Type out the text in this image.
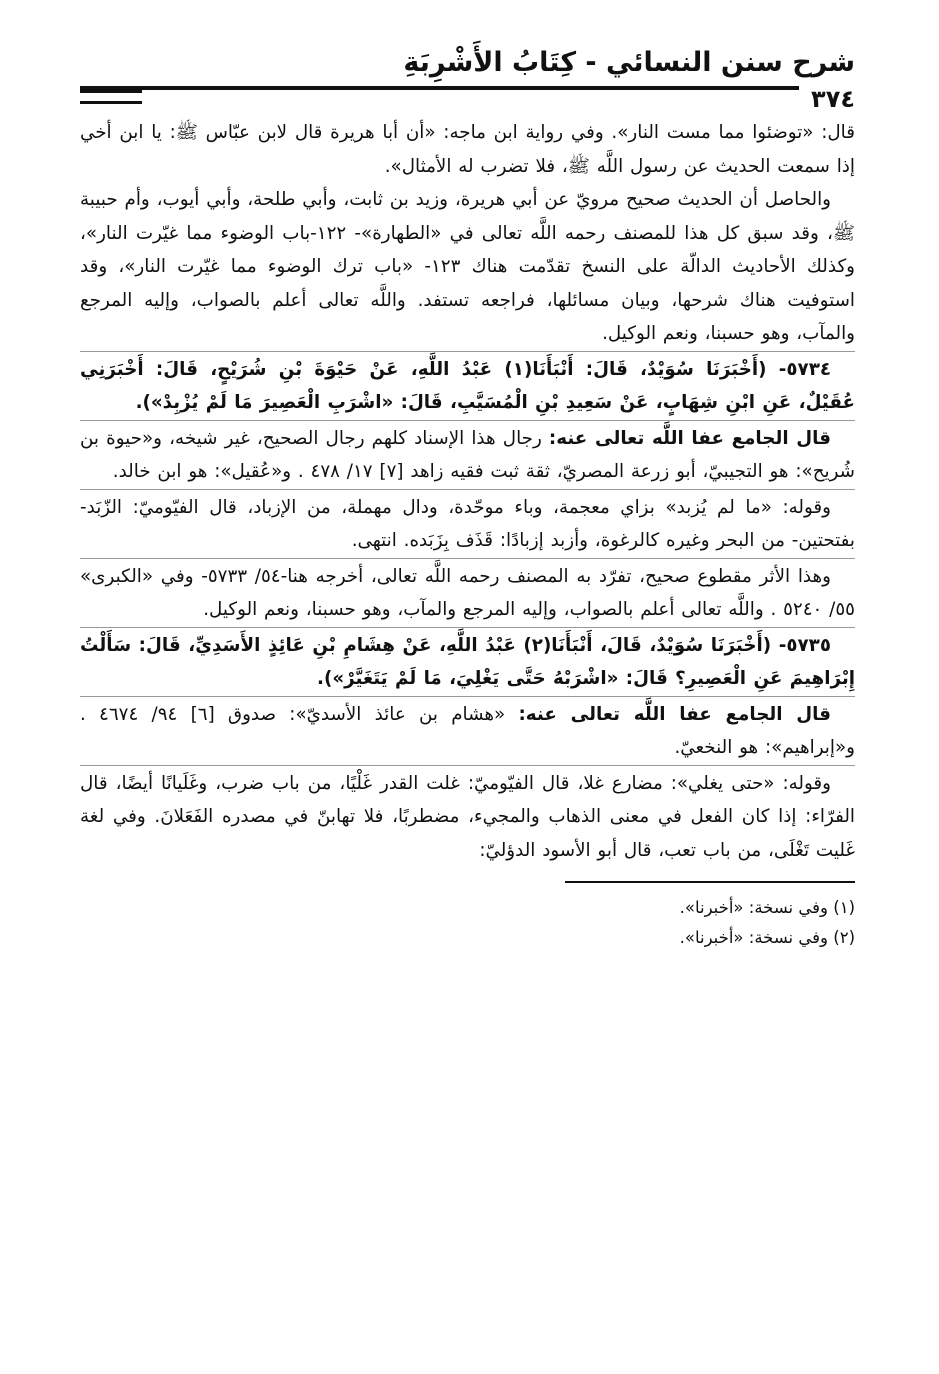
شرح سنن النسائي - كِتَابُ الأَشْرِبَةِ
٣٧٤

قال: «توضئوا مما مست النار». وفي رواية ابن ماجه: «أن أبا هريرة قال لابن عبّاس ﷺ: يا ابن أخي إذا سمعت الحديث عن رسول اللَّه ﷺ، فلا تضرب له الأمثال».

والحاصل أن الحديث صحيح مرويّ عن أبي هريرة، وزيد بن ثابت، وأبي طلحة، وأبي أيوب، وأم حبيبة ﷺ، وقد سبق كل هذا للمصنف رحمه اللَّه تعالى في «الطهارة»- ١٢٢-باب الوضوء مما غيّرت النار»، وكذلك الأحاديث الدالّة على النسخ تقدّمت هناك ١٢٣- «باب ترك الوضوء مما غيّرت النار»، وقد استوفيت هناك شرحها، وبيان مسائلها، فراجعه تستفد. واللَّه تعالى أعلم بالصواب، وإليه المرجع والمآب، وهو حسبنا، ونعم الوكيل.

٥٧٣٤- (أَخْبَرَنَا سُوَيْدٌ، قَالَ: أَنْبَأَنَا(١) عَبْدُ اللَّهِ، عَنْ حَيْوَةَ بْنِ شُرَيْحٍ، قَالَ: أَخْبَرَنِي عُقَيْلٌ، عَنِ ابْنِ شِهَابٍ، عَنْ سَعِيدِ بْنِ الْمُسَيَّبِ، قَالَ: «اشْرَبِ الْعَصِيرَ مَا لَمْ يُزْبِدْ»).

قال الجامع عفا اللَّه تعالى عنه: رجال هذا الإسناد كلهم رجال الصحيح، غير شيخه، و«حيوة بن شُريح»: هو التجيبيّ، أبو زرعة المصريّ، ثقة ثبت فقيه زاهد [٧] ١٧/ ٤٧٨ . و«عُقيل»: هو ابن خالد.

وقوله: «ما لم يُزبد» بزاي معجمة، وباء موحّدة، ودال مهملة، من الإزباد، قال الفيّوميّ: الزّبَد- بفتحتين- من البحر وغيره كالرغوة، وأزبد إزبادًا: قَذَف بِزَبَده. انتهى.

وهذا الأثر مقطوع صحيح، تفرّد به المصنف رحمه اللَّه تعالى، أخرجه هنا-٥٤/ ٥٧٣٣- وفي «الكبرى» ٥٥/ ٥٢٤٠ . واللَّه تعالى أعلم بالصواب، وإليه المرجع والمآب، وهو حسبنا، ونعم الوكيل.

٥٧٣٥- (أَخْبَرَنَا سُوَيْدٌ، قَالَ، أَنْبَأَنَا(٢) عَبْدُ اللَّهِ، عَنْ هِشَامِ بْنِ عَائِذٍ الأَسَدِيِّ، قَالَ: سَأَلْتُ إِبْرَاهِيمَ عَنِ الْعَصِيرِ؟ قَالَ: «اشْرَبْهُ حَتَّى يَغْلِيَ، مَا لَمْ يَتَغَيَّرْ»).

قال الجامع عفا اللَّه تعالى عنه: «هشام بن عائذ الأسديّ»: صدوق [٦] ٩٤/ ٤٦٧٤ . و«إبراهيم»: هو النخعيّ.

وقوله: «حتى يغلي»: مضارع غلا، قال الفيّوميّ: غلت القدر غَلْيًا، من باب ضرب، وغَلَيانًا أيضًا، قال الفرّاء: إذا كان الفعل في معنى الذهاب والمجيء، مضطربًا، فلا تهابنّ في مصدره الفَعَلانَ. وفي لغة غَليت تَغْلَى، من باب تعب، قال أبو الأسود الدؤليّ:

(١) وفي نسخة: «أخبرنا».

(٢) وفي نسخة: «أخبرنا».
